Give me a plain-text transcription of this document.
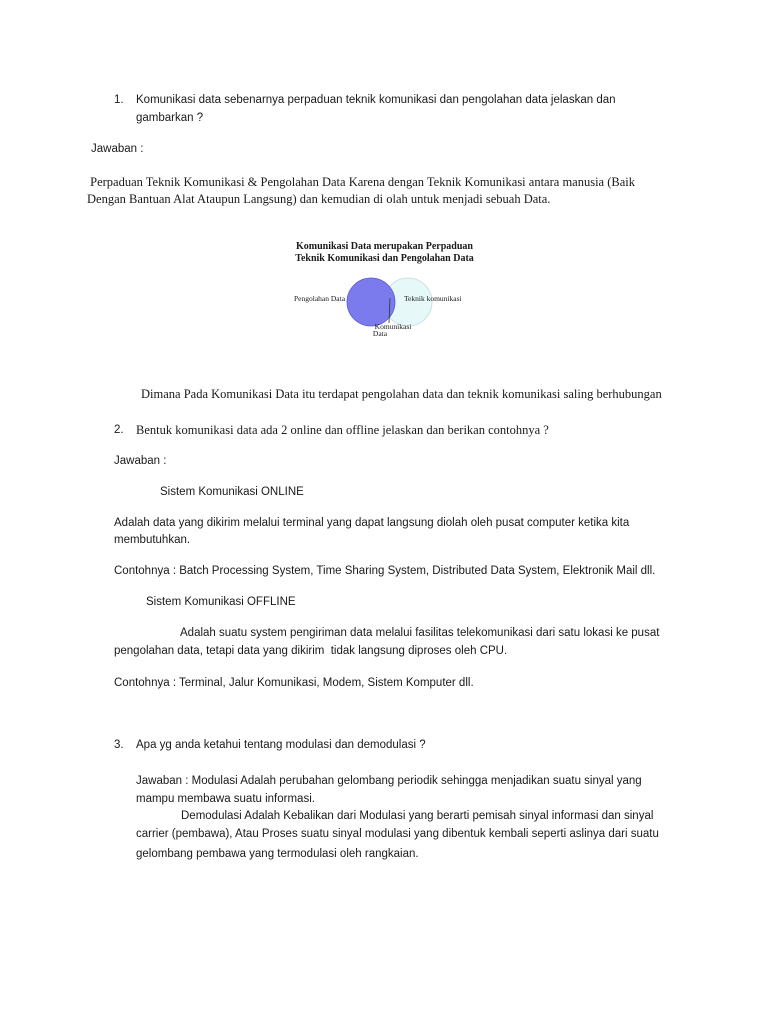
1. Komunikasi data sebenarnya perpaduan teknik komunikasi dan pengolahan data jelaskan dan
gambarkan ?
Jawaban :
Perpaduan Teknik Komunikasi & Pengolahan Data Karena dengan Teknik Komunikasi antara manusia (Baik
Dengan Bantuan Alat Ataupun Langsung) dan kemudian di olah untuk menjadi sebuah Data.
Komunikasi Data merupakan Perpaduan
Teknik Komunikasi dan Pengolahan Data
Pengolahan Data	Teknik komunikasi
Komunikasi
Data
Dimana Pada Komunikasi Data itu terdapat pengolahan data dan teknik komunikasi saling berhubungan
2. Bentuk komunikasi data ada 2 online dan offline jelaskan dan berikan contohnya ?
Jawaban :
Sistem Komunikasi ONLINE
Adalah data yang dikirim melalui terminal yang dapat langsung diolah oleh pusat computer ketika kita
membutuhkan.
Contohnya : Batch Processing System, Time Sharing System, Distributed Data System, Elektronik Mail dll.
Sistem Komunikasi OFFLINE
Adalah suatu system pengiriman data melalui fasilitas telekomunikasi dari satu lokasi ke pusat
pengolahan data, tetapi data yang dikirim  tidak langsung diproses oleh CPU.
Contohnya : Terminal, Jalur Komunikasi, Modem, Sistem Komputer dll.
3. Apa yg anda ketahui tentang modulasi dan demodulasi ?
Jawaban : Modulasi Adalah perubahan gelombang periodik sehingga menjadikan suatu sinyal yang
mampu membawa suatu informasi.
Demodulasi Adalah Kebalikan dari Modulasi yang berarti pemisah sinyal informasi dan sinyal
carrier (pembawa), Atau Proses suatu sinyal modulasi yang dibentuk kembali seperti aslinya dari suatu
gelombang pembawa yang termodulasi oleh rangkaian.
